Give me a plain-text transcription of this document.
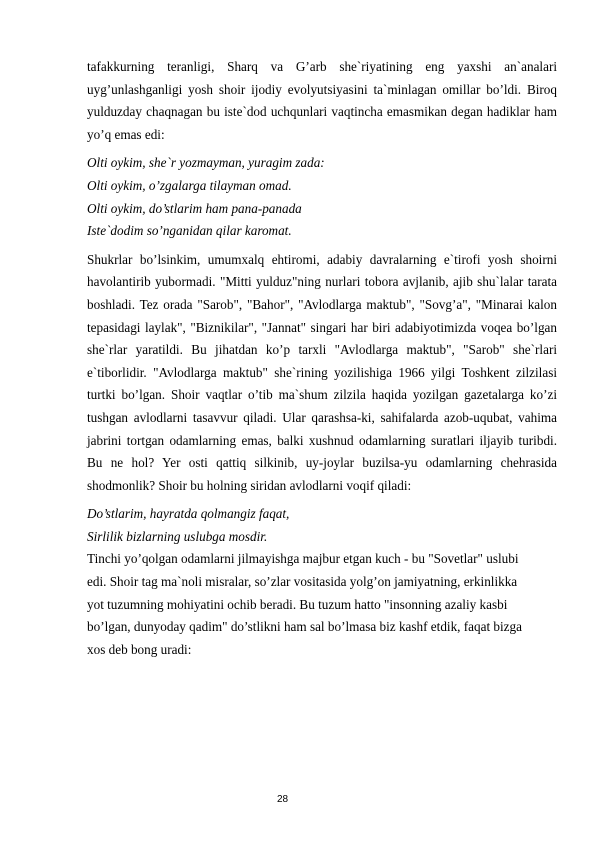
tafakkurning teranligi, Sharq va G’arb she`riyatining eng yaxshi an`analari uyg’unlashganligi yosh shoir ijodiy evolyutsiyasini ta`minlagan omillar bo’ldi. Biroq yulduzday chaqnagan bu iste`dod uchqunlari vaqtincha emasmikan degan hadiklar ham yo’q emas edi:

Olti oykim, she`r yozmayman, yuragim zada:

Olti oykim, o’zgalarga tilayman omad.

Olti oykim, do’stlarim ham pana-panada

Iste`dodim so’nganidan qilar karomat.

Shukrlar bo’lsinkim, umumxalq ehtiromi, adabiy davralarning e`tirofi yosh shoirni havolantirib yubormadi. "Mitti yulduz"ning nurlari tobora avjlanib, ajib shu`lalar tarata boshladi. Tez orada "Sarob", "Bahor", "Avlodlarga maktub", "Sovg’a", "Minarai kalon tepasidagi laylak", "Biznikilar", "Jannat" singari har biri adabiyotimizda voqea bo’lgan she`rlar yaratildi. Bu jihatdan ko’p tarxli "Avlodlarga maktub", "Sarob" she`rlari e`tiborlidir. "Avlodlarga maktub" she`rining yozilishiga 1966 yilgi Toshkent zilzilasi turtki bo’lgan. Shoir vaqtlar o’tib ma`shum zilzila haqida yozilgan gazetalarga ko’zi tushgan avlodlarni tasavvur qiladi. Ular qarashsa-ki, sahifalarda azob-uqubat, vahima jabrini tortgan odamlarning emas, balki xushnud odamlarning suratlari iljayib turibdi. Bu ne hol? Yer osti qattiq silkinib, uy-joylar buzilsa-yu odamlarning chehrasida shodmonlik? Shoir bu holning siridan avlodlarni voqif qiladi:

Do’stlarim, hayratda qolmangiz faqat,

Sirlilik bizlarning uslubga mosdir.

Tinchi yo’qolgan odamlarni jilmayishga majbur etgan kuch - bu "Sovetlar" uslubi

edi. Shoir tag ma`noli misralar, so’zlar vositasida yolg’on jamiyatning, erkinlikka

yot tuzumning mohiyatini ochib beradi. Bu tuzum hatto "insonning azaliy kasbi

bo’lgan, dunyoday qadim" do’stlikni ham sal bo’lmasa biz kashf etdik, faqat bizga

xos deb bong uradi:

28
